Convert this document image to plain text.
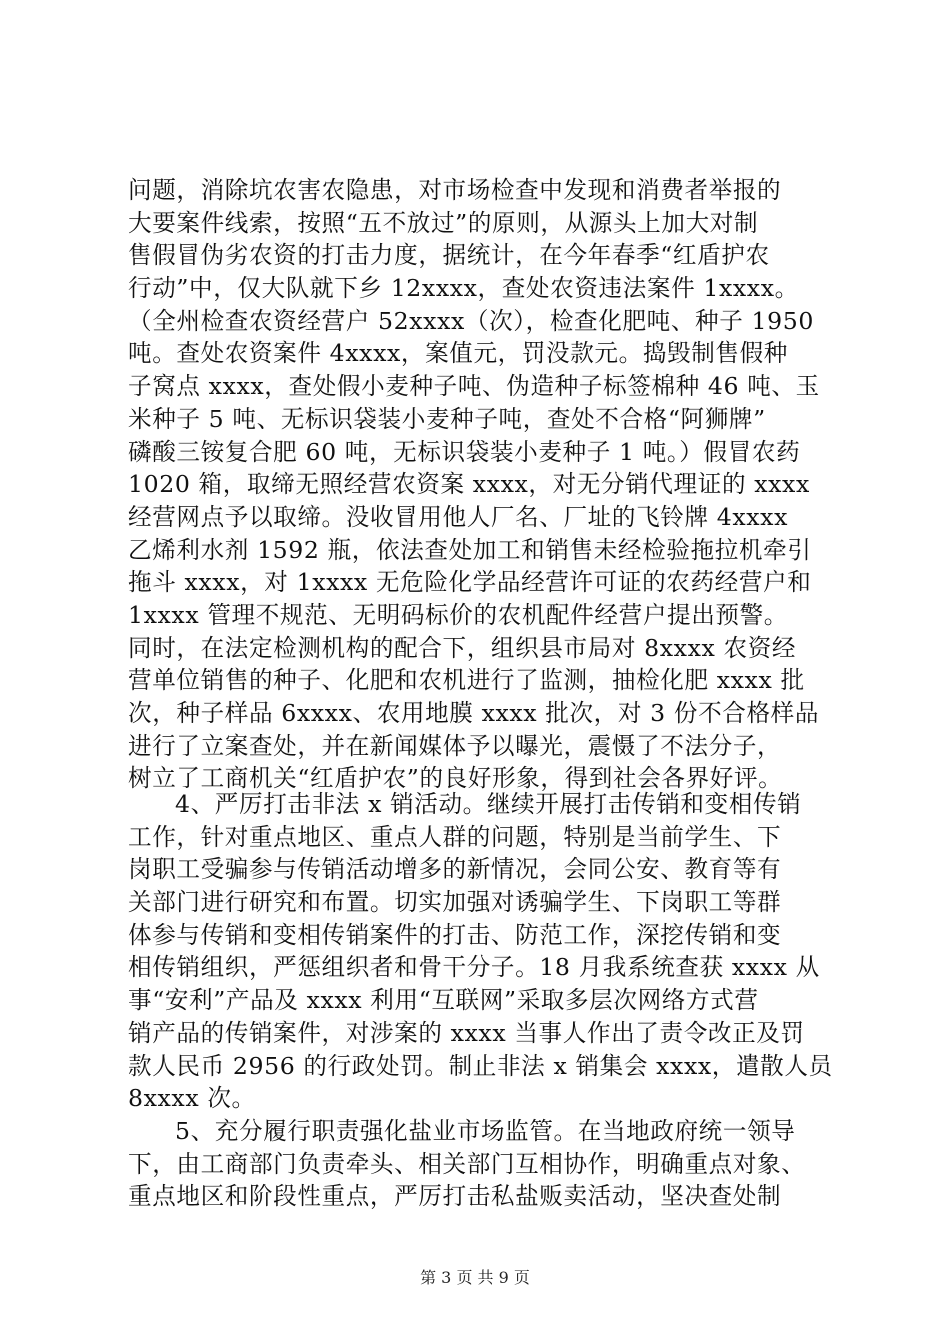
问题，消除坑农害农隐患，对市场检查中发现和消费者举报的
大要案件线索，按照“五不放过”的原则，从源头上加大对制
售假冒伪劣农资的打击力度，据统计，在今年春季“红盾护农
行动”中，仅大队就下乡 12xxxx，查处农资违法案件 1xxxx。
（全州检查农资经营户 52xxxx（次），检查化肥吨、种子 1950
吨。查处农资案件 4xxxx，案值元，罚没款元。捣毁制售假种
子窝点 xxxx，查处假小麦种子吨、伪造种子标签棉种 46 吨、玉
米种子 5 吨、无标识袋装小麦种子吨，查处不合格“阿狮牌”
磷酸三铵复合肥 60 吨，无标识袋装小麦种子 1 吨。）假冒农药
1020 箱，取缔无照经营农资案 xxxx，对无分销代理证的 xxxx
经营网点予以取缔。没收冒用他人厂名、厂址的飞铃牌 4xxxx
乙烯利水剂 1592 瓶，依法查处加工和销售未经检验拖拉机牵引
拖斗 xxxx，对 1xxxx 无危险化学品经营许可证的农药经营户和
1xxxx 管理不规范、无明码标价的农机配件经营户提出预警。
同时，在法定检测机构的配合下，组织县市局对 8xxxx 农资经
营单位销售的种子、化肥和农机进行了监测，抽检化肥 xxxx 批
次，种子样品 6xxxx、农用地膜 xxxx 批次，对 3 份不合格样品
进行了立案查处，并在新闻媒体予以曝光，震慑了不法分子，
树立了工商机关“红盾护农”的良好形象，得到社会各界好评。
4、严厉打击非法 x 销活动。继续开展打击传销和变相传销
工作，针对重点地区、重点人群的问题，特别是当前学生、下
岗职工受骗参与传销活动增多的新情况，会同公安、教育等有
关部门进行研究和布置。切实加强对诱骗学生、下岗职工等群
体参与传销和变相传销案件的打击、防范工作，深挖传销和变
相传销组织，严惩组织者和骨干分子。18 月我系统查获 xxxx 从
事“安利”产品及 xxxx 利用“互联网”采取多层次网络方式营
销产品的传销案件，对涉案的 xxxx 当事人作出了责令改正及罚
款人民币 2956 的行政处罚。制止非法 x 销集会 xxxx，遣散人员
8xxxx 次。
5、充分履行职责强化盐业市场监管。在当地政府统一领导
下，由工商部门负责牵头、相关部门互相协作，明确重点对象、
重点地区和阶段性重点，严厉打击私盐贩卖活动，坚决查处制
第 3 页 共 9 页
